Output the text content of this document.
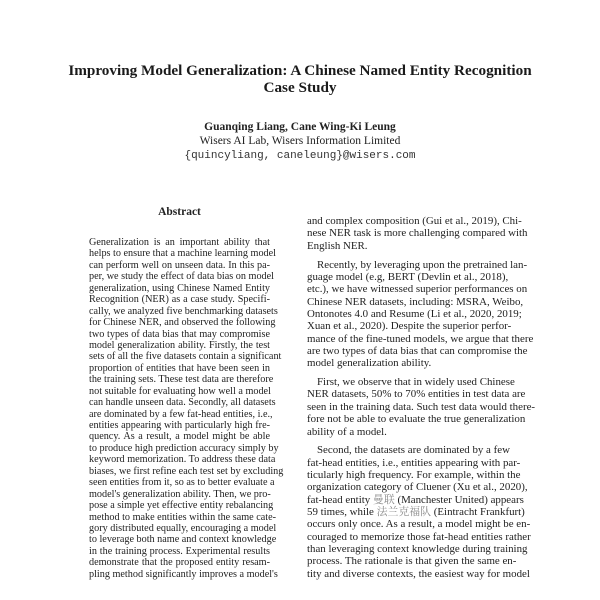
Improving Model Generalization: A Chinese Named Entity Recognition
Case Study
Guanqing Liang, Cane Wing-Ki Leung
Wisers AI Lab, Wisers Information Limited
{quincyliang, caneleung}@wisers.com
Abstract
Generalization is an important ability that
helps to ensure that a machine learning model
can perform well on unseen data. In this pa-
per, we study the effect of data bias on model
generalization, using Chinese Named Entity
Recognition (NER) as a case study. Specifi-
cally, we analyzed five benchmarking datasets
for Chinese NER, and observed the following
two types of data bias that may compromise
model generalization ability. Firstly, the test
sets of all the five datasets contain a significant
proportion of entities that have been seen in
the training sets. These test data are therefore
not suitable for evaluating how well a model
can handle unseen data. Secondly, all datasets
are dominated by a few fat-head entities, i.e.,
entities appearing with particularly high fre-
quency. As a result, a model might be able
to produce high prediction accuracy simply by
keyword memorization. To address these data
biases, we first refine each test set by excluding
seen entities from it, so as to better evaluate a
model's generalization ability. Then, we pro-
pose a simple yet effective entity rebalancing
method to make entities within the same cate-
gory distributed equally, encouraging a model
to leverage both name and context knowledge
in the training process. Experimental results
demonstrate that the proposed entity resam-
pling method significantly improves a model's
and complex composition (Gui et al., 2019), Chi-
nese NER task is more challenging compared with
English NER.
Recently, by leveraging upon the pretrained lan-
guage model (e.g, BERT (Devlin et al., 2018),
etc.), we have witnessed superior performances on
Chinese NER datasets, including: MSRA, Weibo,
Ontonotes 4.0 and Resume (Li et al., 2020, 2019;
Xuan et al., 2020). Despite the superior perfor-
mance of the fine-tuned models, we argue that there
are two types of data bias that can compromise the
model generalization ability.
First, we observe that in widely used Chinese
NER datasets, 50% to 70% entities in test data are
seen in the training data. Such test data would there-
fore not be able to evaluate the true generalization
ability of a model.
Second, the datasets are dominated by a few
fat-head entities, i.e., entities appearing with par-
ticularly high frequency. For example, within the
organization category of Cluener (Xu et al., 2020),
fat-head entity 曼联 (Manchester United) appears
59 times, while 法兰克福队 (Eintracht Frankfurt)
occurs only once. As a result, a model might be en-
couraged to memorize those fat-head entities rather
than leveraging context knowledge during training
process. The rationale is that given the same en-
tity and diverse contexts, the easiest way for model
